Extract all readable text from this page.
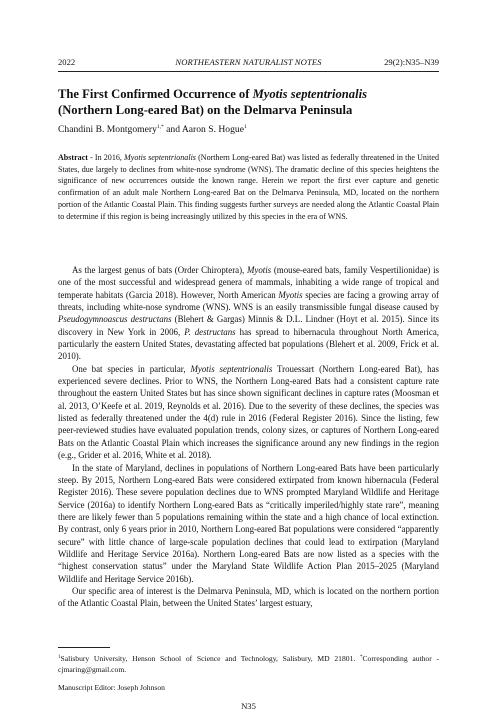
2022	NORTHEASTERN NATURALIST NOTES	29(2):N35–N39
The First Confirmed Occurrence of Myotis septentrionalis
(Northern Long-eared Bat) on the Delmarva Peninsula
Chandini B. Montgomery$^{1,*}$ and Aaron S. Hogue$^1$

Abstract - In 2016, Myotis septentrionalis (Northern Long-eared Bat) was listed as federally threatened in the United States, due largely to declines from white-nose syndrome (WNS). The dramatic decline of this species heightens the significance of new occurrences outside the known range. Herein we report the first ever capture and genetic confirmation of an adult male Northern Long-eared Bat on the Delmarva Peninsula, MD, located on the northern portion of the Atlantic Coastal Plain. This finding suggests further surveys are needed along the Atlantic Coastal Plain to determine if this region is being increasingly utilized by this species in the era of WNS.

As the largest genus of bats (Order Chiroptera), Myotis (mouse-eared bats, family Vespertilionidae) is one of the most successful and widespread genera of mammals, inhabiting a wide range of tropical and temperate habitats (Garcia 2018). However, North American Myotis species are facing a growing array of threats, including white-nose syndrome (WNS). WNS is an easily transmissible fungal disease caused by Pseudogymnoascus destructans (Blehert & Gargas) Minnis & D.L. Lindner (Hoyt et al. 2015). Since its discovery in New York in 2006, P. destructans has spread to hibernacula throughout North America, particularly the eastern United States, devastating affected bat populations (Blehert et al. 2009, Frick et al. 2010).

One bat species in particular, Myotis septentrionalis Trouessart (Northern Long-eared Bat), has experienced severe declines. Prior to WNS, the Northern Long-eared Bats had a consistent capture rate throughout the eastern United States but has since shown significant declines in capture rates (Moosman et al. 2013, O’Keefe et al. 2019, Reynolds et al. 2016). Due to the severity of these declines, the species was listed as federally threatened under the 4(d) rule in 2016 (Federal Register 2016). Since the listing, few peer-reviewed studies have evaluated population trends, colony sizes, or captures of Northern Long-eared Bats on the Atlantic Coastal Plain which increases the significance around any new findings in the region (e.g., Grider et al. 2016, White et al. 2018).

In the state of Maryland, declines in populations of Northern Long-eared Bats have been particularly steep. By 2015, Northern Long-eared Bats were considered extirpated from known hibernacula (Federal Register 2016). These severe population declines due to WNS prompted Maryland Wildlife and Heritage Service (2016a) to identify Northern Long-eared Bats as “critically imperiled/highly state rare”, meaning there are likely fewer than 5 populations remaining within the state and a high chance of local extinction. By contrast, only 6 years prior in 2010, Northern Long-eared Bat populations were considered “apparently secure” with little chance of large-scale population declines that could lead to extirpation (Maryland Wildlife and Heritage Service 2016a). Northern Long-eared Bats are now listed as a species with the “highest conservation status” under the Maryland State Wildlife Action Plan 2015–2025 (Maryland Wildlife and Heritage Service 2016b).

Our specific area of interest is the Delmarva Peninsula, MD, which is located on the northern portion of the Atlantic Coastal Plain, between the United States’ largest estuary,

$^1$Salisbury University, Henson School of Science and Technology, Salisbury, MD 21801. *Corresponding author - cjmaring@gmail.com.

Manuscript Editor: Joseph Johnson
N35
